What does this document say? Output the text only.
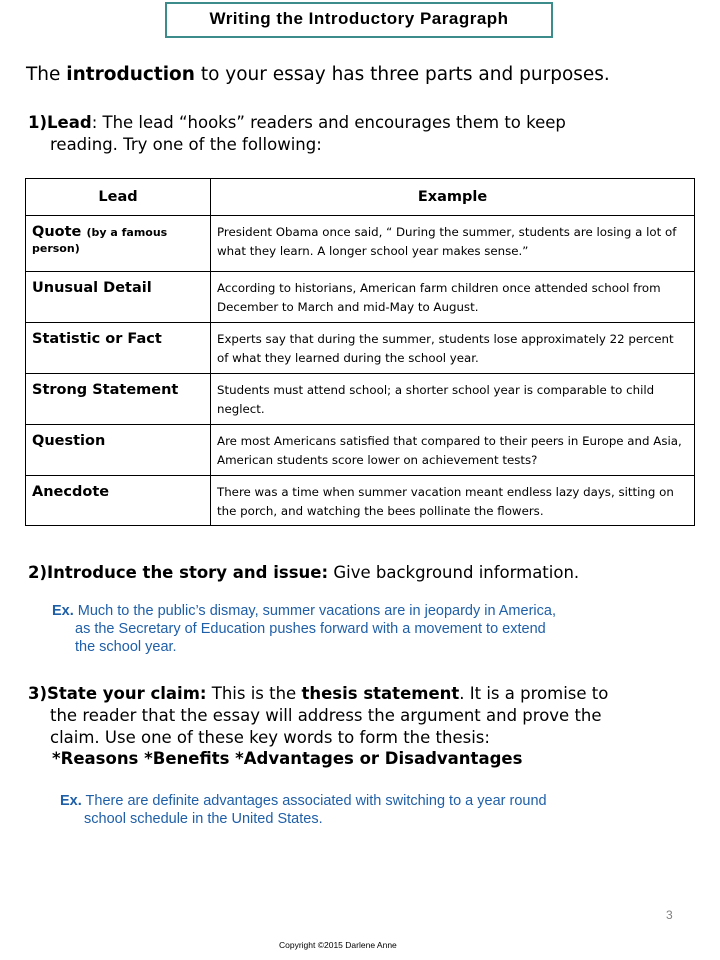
Writing the Introductory Paragraph
The introduction to your essay has three parts and purposes.
1)Lead: The lead “hooks” readers and encourages them to keep
reading. Try one of the following:
Lead	Example
Quote (by a famous person)	President Obama once said, “ During the summer, students are losing a lot of what they learn. A longer school year makes sense.”
Unusual Detail	According to historians, American farm children once attended school from December to March and mid-May to August.
Statistic or Fact	Experts say that during the summer, students lose approximately 22 percent of what they learned during the school year.
Strong Statement	Students must attend school; a shorter school year is comparable to child neglect.
Question	Are most Americans satisfied that compared to their peers in Europe and Asia, American students score lower on achievement tests?
Anecdote	There was a time when summer vacation meant endless lazy days, sitting on the porch, and watching the bees pollinate the flowers.
2)Introduce the story and issue: Give background information.
Ex. Much to the public’s dismay, summer vacations are in jeopardy in America,
as the Secretary of Education pushes forward with a movement to extend
the school year.
3)State your claim: This is the thesis statement. It is a promise to
the reader that the essay will address the argument and prove the
claim. Use one of these key words to form the thesis:
*Reasons *Benefits *Advantages or Disadvantages
Ex. There are definite advantages associated with switching to a year round
school schedule in the United States.
3
Copyright ©2015 Darlene Anne
